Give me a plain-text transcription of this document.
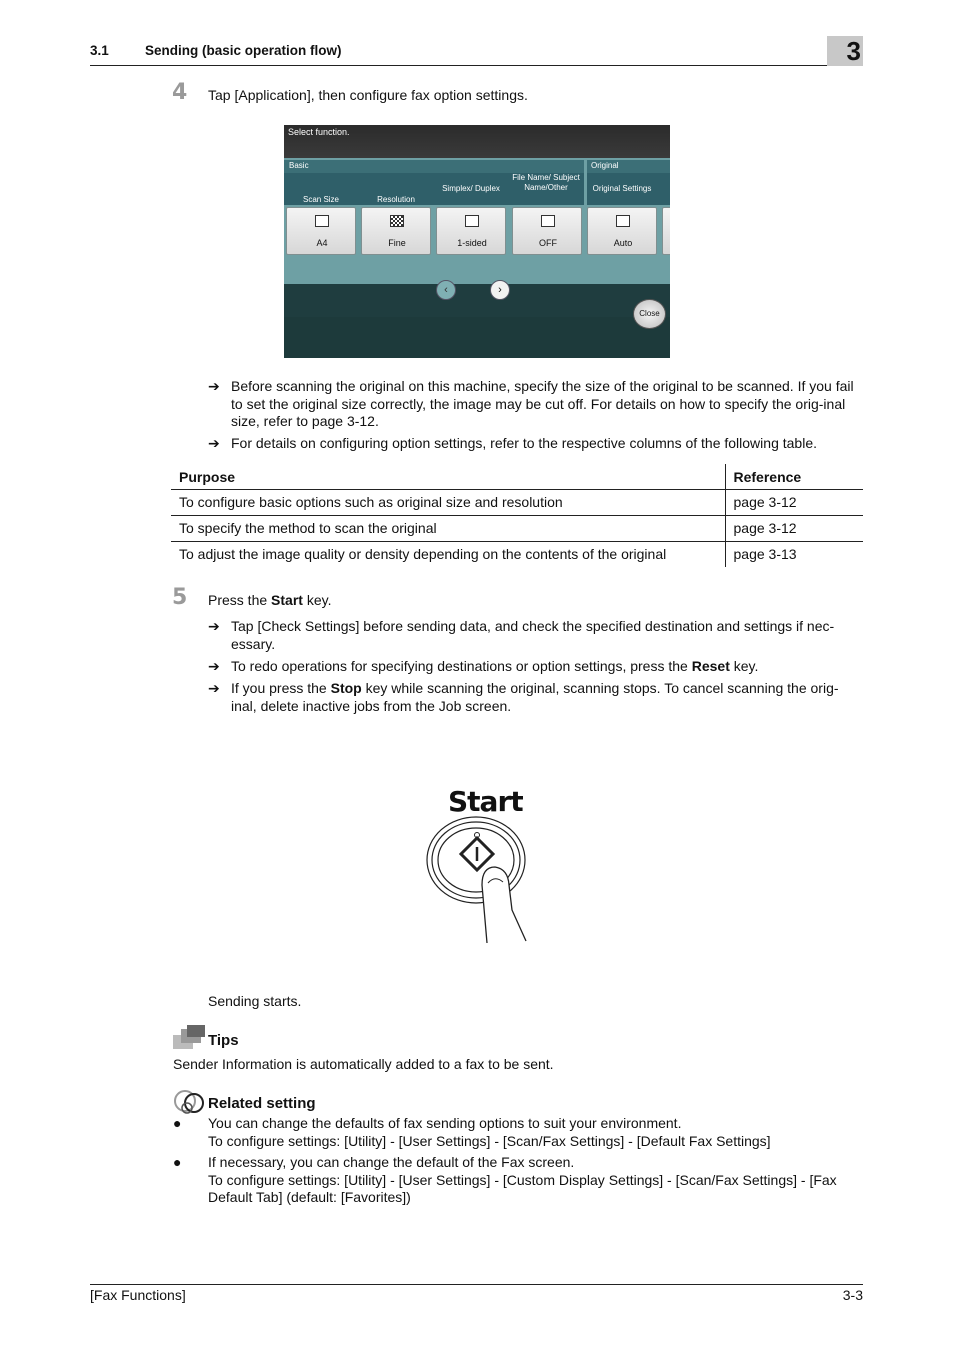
3.1	Sending (basic operation flow)	3
4 Tap [Application], then configure fax option settings.
Select function.
Basic	Original
Scan Size	Resolution
Simplex/ Duplex
File Name/ Subject Name/Other	Original Settings
A4	Fine	1-sided	OFF	Auto
‹	›
Close
➔ Before scanning the original on this machine, specify the size of the original to be scanned. If you fail to set the original size correctly, the image may be cut off. For details on how to specify the orig-inal size, refer to page 3-12.
➔ For details on configuring option settings, refer to the respective columns of the following table.
Purpose	Reference
To configure basic options such as original size and resolution	page 3-12
To specify the method to scan the original	page 3-12
To adjust the image quality or density depending on the contents of the original	page 3-13
5 Press the Start key.
➔ Tap [Check Settings] before sending data, and check the specified destination and settings if nec-essary.
➔ To redo operations for specifying destinations or option settings, press the Reset key.
➔ If you press the Stop key while scanning the original, scanning stops. To cancel scanning the orig-inal, delete inactive jobs from the Job screen.
Start
Sending starts.
Tips
Sender Information is automatically added to a fax to be sent.
Related setting
● You can change the defaults of fax sending options to suit your environment.
To configure settings: [Utility] - [User Settings] - [Scan/Fax Settings] - [Default Fax Settings]
● If necessary, you can change the default of the Fax screen.
To configure settings: [Utility] - [User Settings] - [Custom Display Settings] - [Scan/Fax Settings] - [Fax Default Tab] (default: [Favorites])
[Fax Functions]	3-3
